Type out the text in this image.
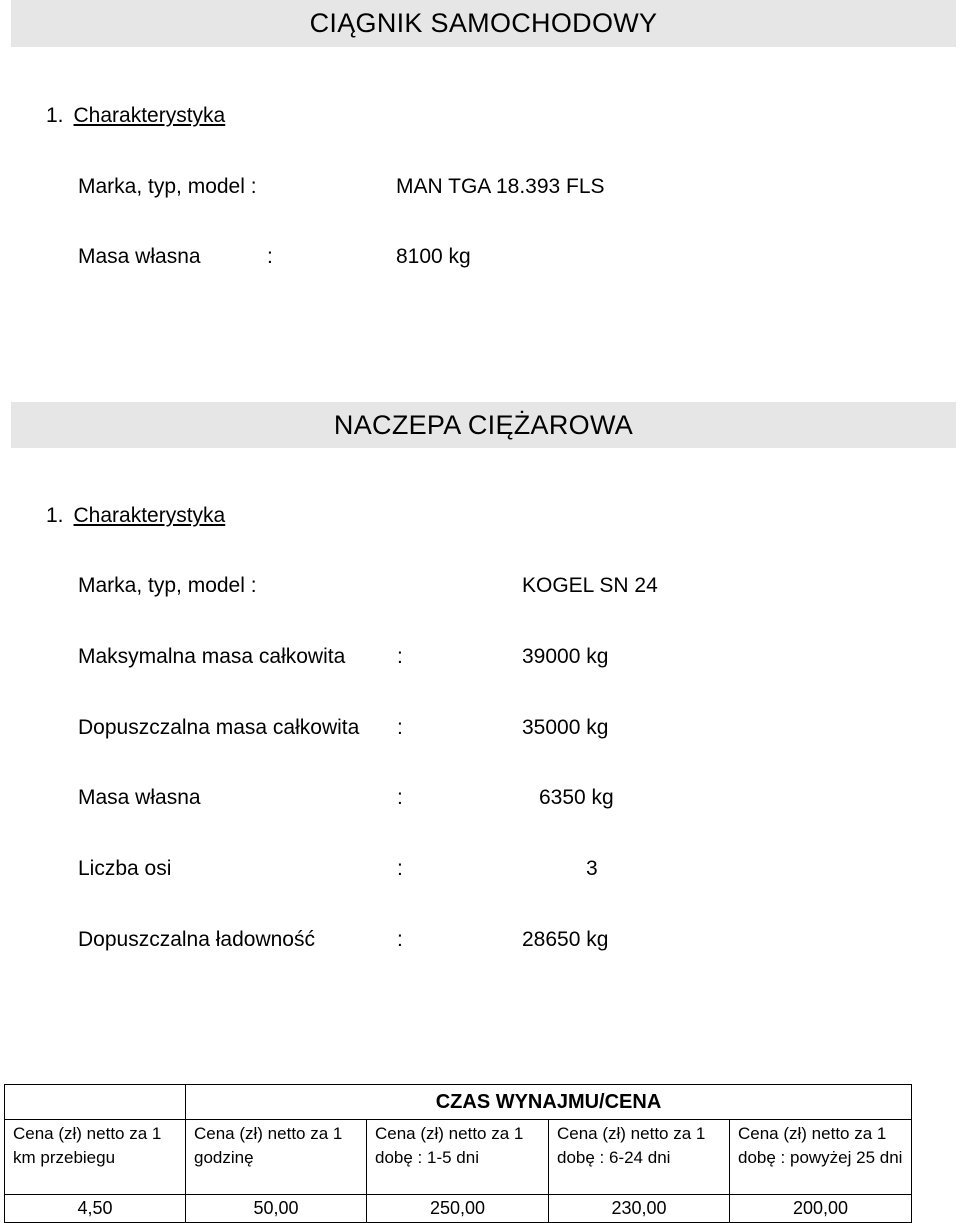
CIĄGNIK SAMOCHODOWY
1. Charakterystyka
Marka, typ, model :	MAN TGA 18.393 FLS
Masa własna	:	8100 kg
NACZEPA CIĘŻAROWA
1. Charakterystyka
Marka, typ, model :	KOGEL SN 24
Maksymalna masa całkowita :	39000 kg
Dopuszczalna masa całkowita :	35000 kg
Masa własna	:	6350 kg
Liczba osi	:	3
Dopuszczalna ładowność	:	28650 kg
	CZAS WYNAJMU/CENA			
Cena (zł) netto za 1 km przebiegu	Cena (zł) netto za 1 godzinę	Cena (zł) netto za 1 dobę : 1-5 dni	Cena (zł) netto za 1 dobę : 6-24 dni	Cena (zł) netto za 1 dobę : powyżej 25 dni
4,50	50,00	250,00	230,00	200,00
